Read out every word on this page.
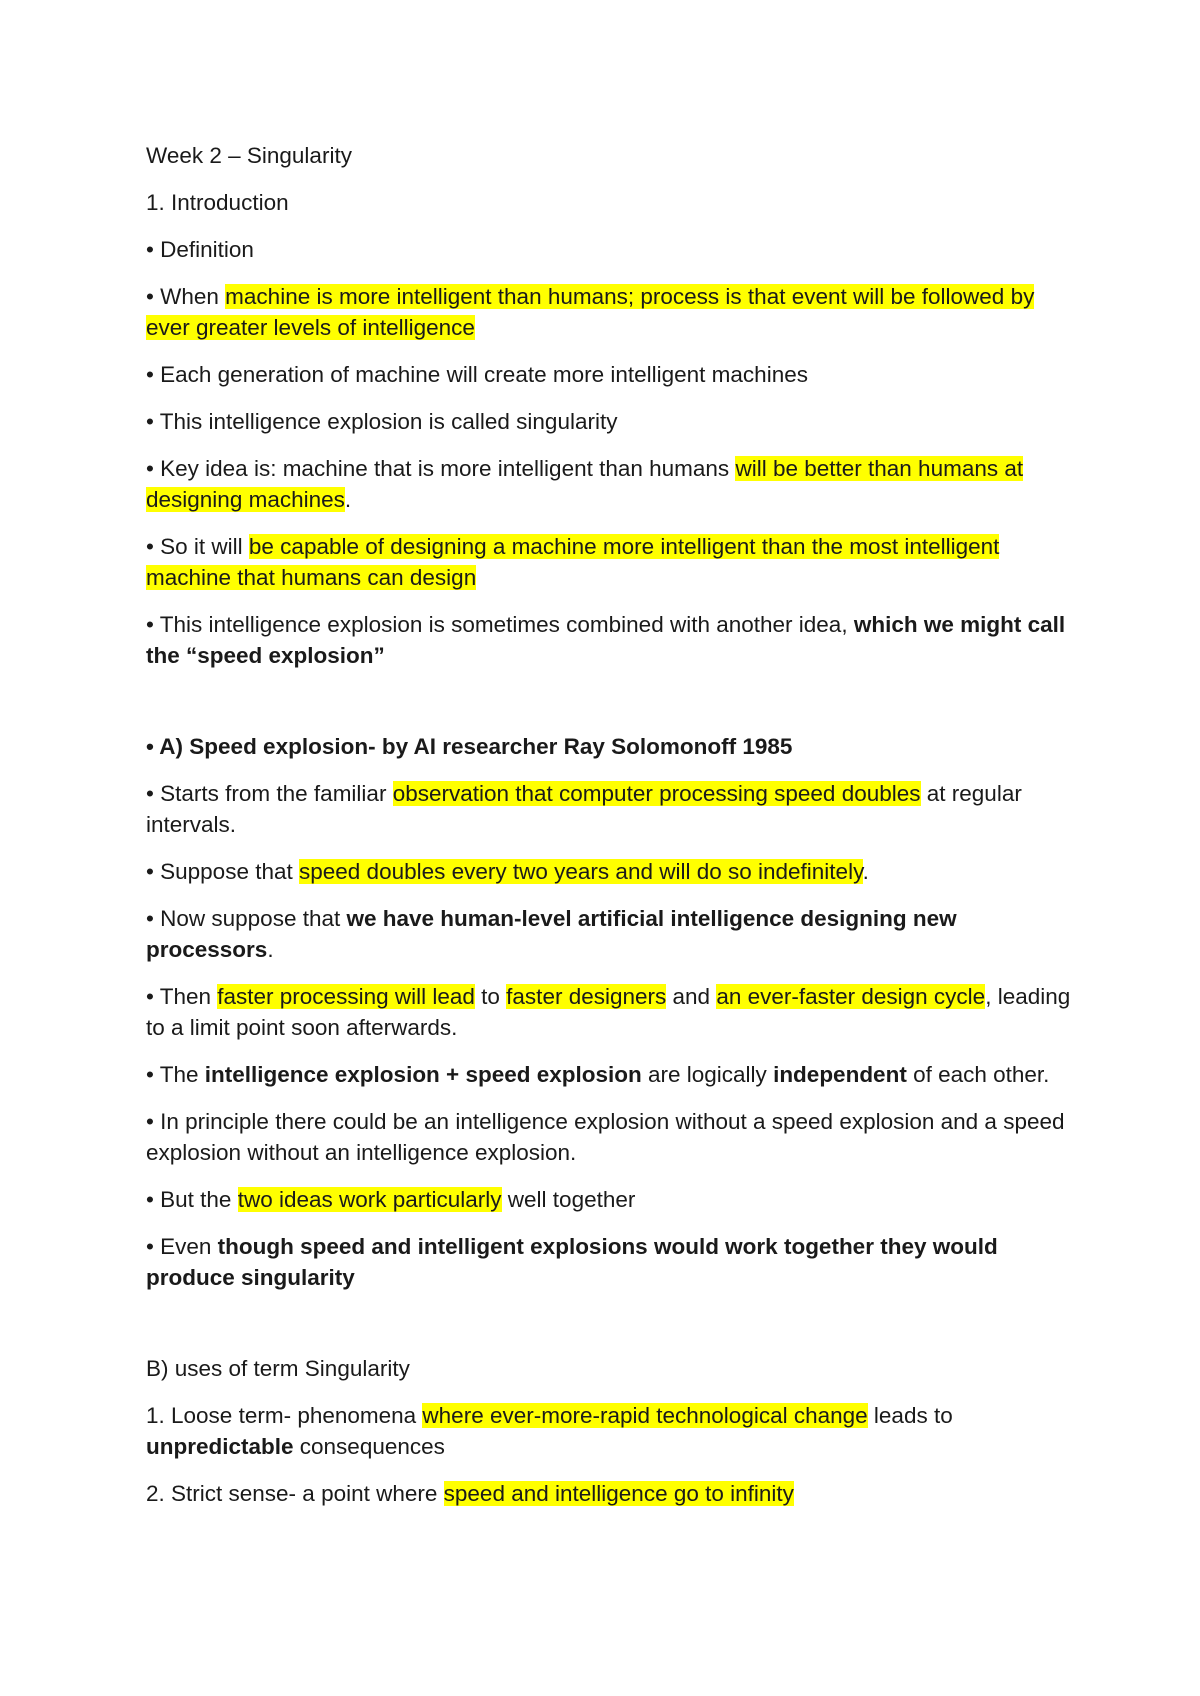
Week 2 – Singularity

1. Introduction

• Definition

• When machine is more intelligent than humans; process is that event will be followed by ever greater levels of intelligence

• Each generation of machine will create more intelligent machines

• This intelligence explosion is called singularity

• Key idea is: machine that is more intelligent than humans will be better than humans at designing machines.

• So it will be capable of designing a machine more intelligent than the most intelligent machine that humans can design

• This intelligence explosion is sometimes combined with another idea, which we might call the “speed explosion”

• A) Speed explosion- by AI researcher Ray Solomonoff 1985

• Starts from the familiar observation that computer processing speed doubles at regular intervals.

• Suppose that speed doubles every two years and will do so indefinitely.

• Now suppose that we have human-level artificial intelligence designing new processors.

• Then faster processing will lead to faster designers and an ever-faster design cycle, leading to a limit point soon afterwards.

• The intelligence explosion + speed explosion are logically independent of each other.

• In principle there could be an intelligence explosion without a speed explosion and a speed explosion without an intelligence explosion.

• But the two ideas work particularly well together

• Even though speed and intelligent explosions would work together they would produce singularity

B) uses of term Singularity

1. Loose term- phenomena where ever-more-rapid technological change leads to unpredictable consequences

2. Strict sense- a point where speed and intelligence go to infinity
